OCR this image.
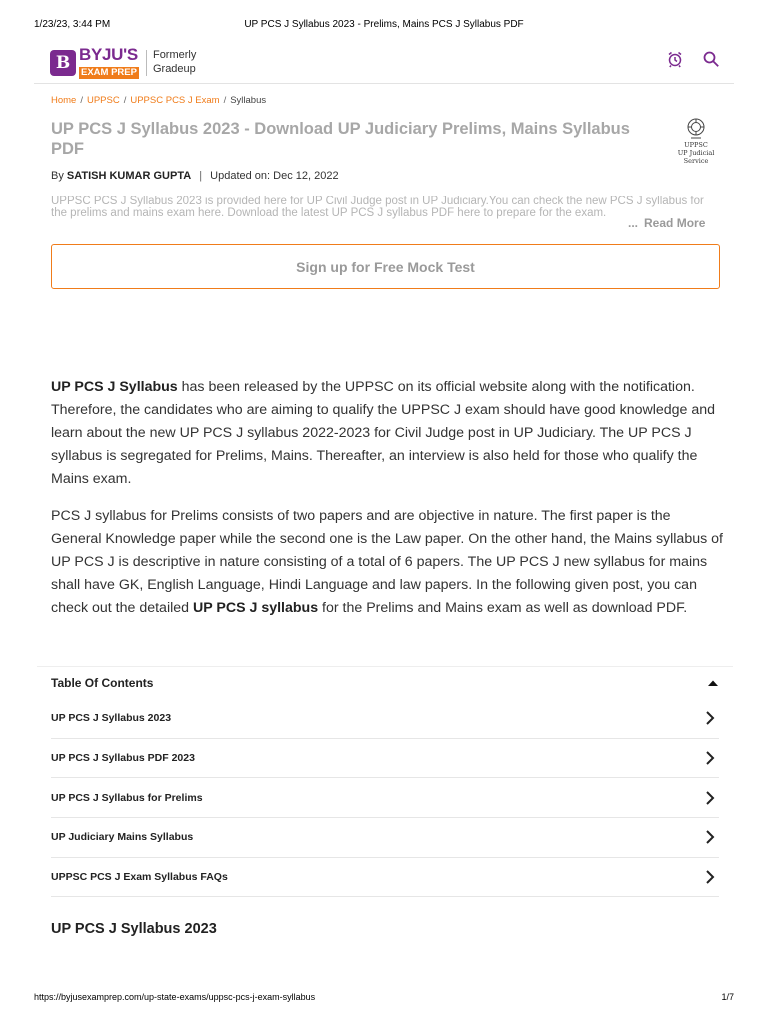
1/23/23, 3:44 PM	UP PCS J Syllabus 2023 - Prelims, Mains PCS J Syllabus PDF
B BYJU'S
EXAM PREP
Formerly
Gradeup
Home / UPPSC / UPPSC PCS J Exam / Syllabus
UP PCS J Syllabus 2023 - Download UP Judiciary Prelims, Mains Syllabus PDF	UPPSC
UP Judicial Service
By SATISH KUMAR GUPTA | Updated on: Dec 12, 2022
UPPSC PCS J Syllabus 2023 is provided here for UP Civil Judge post in UP Judiciary.You can check the new PCS J syllabus for the prelims and mains exam here. Download the latest UP PCS J syllabus PDF here to prepare for the exam.
... Read More
Sign up for Free Mock Test

UP PCS J Syllabus has been released by the UPPSC on its official website along with the notification. Therefore, the candidates who are aiming to qualify the UPPSC J exam should have good knowledge and learn about the new UP PCS J syllabus 2022-2023 for Civil Judge post in UP Judiciary. The UP PCS J syllabus is segregated for Prelims, Mains. Thereafter, an interview is also held for those who qualify the Mains exam.

PCS J syllabus for Prelims consists of two papers and are objective in nature. The first paper is the General Knowledge paper while the second one is the Law paper. On the other hand, the Mains syllabus of UP PCS J is descriptive in nature consisting of a total of 6 papers. The UP PCS J new syllabus for mains shall have GK, English Language, Hindi Language and law papers. In the following given post, you can check out the detailed UP PCS J syllabus for the Prelims and Mains exam as well as download PDF.

Table Of Contents
UP PCS J Syllabus 2023
UP PCS J Syllabus PDF 2023
UP PCS J Syllabus for Prelims
UP Judiciary Mains Syllabus
UPPSC PCS J Exam Syllabus FAQs
UP PCS J Syllabus 2023
https://byjusexamprep.com/up-state-exams/uppsc-pcs-j-exam-syllabus	1/7
